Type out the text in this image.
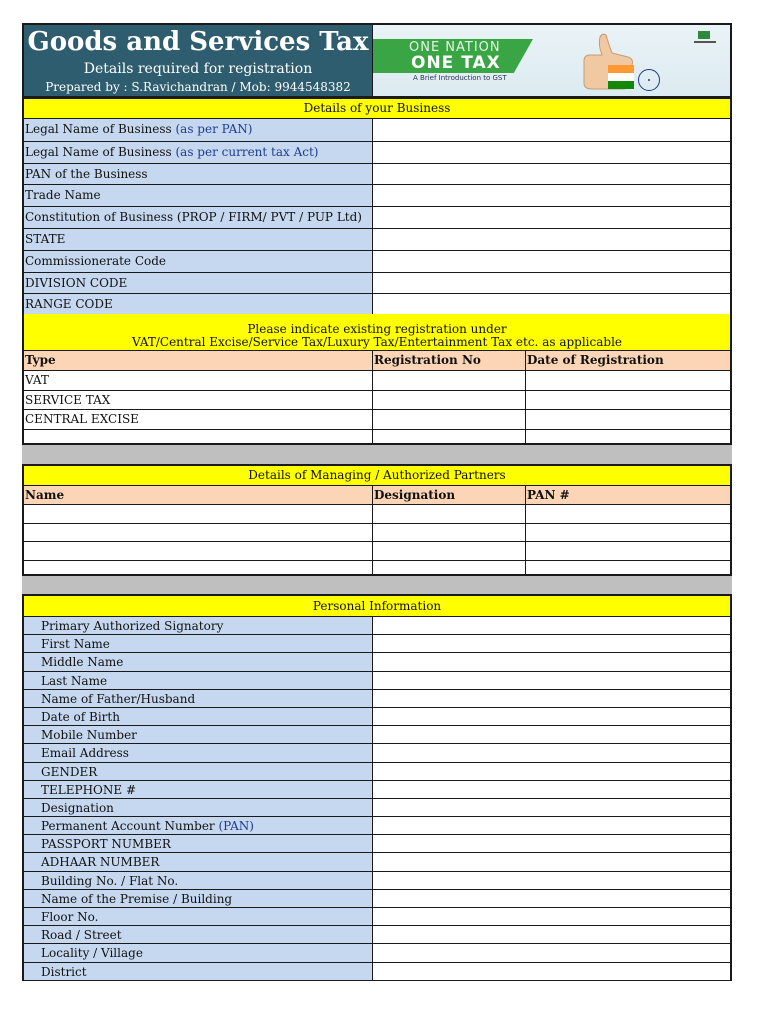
Goods and Services Tax
Details required for registration
Prepared by : S.Ravichandran / Mob: 9944548382
ONE NATION
ONE TAX
A Brief Introduction to GST
Details of your Business
Legal Name of Business (as per PAN)
Legal Name of Business (as per current tax Act)
PAN of the Business
Trade Name
Constitution of Business (PROP / FIRM/ PVT / PUP Ltd)
STATE
Commissionerate Code
DIVISION CODE
RANGE CODE
Please indicate existing registration under
VAT/Central Excise/Service Tax/Luxury Tax/Entertainment Tax etc. as applicable
Type	Registration No	Date of Registration
VAT
SERVICE TAX
CENTRAL EXCISE
Details of Managing / Authorized Partners
Name	Designation	PAN #
Personal Information
Primary Authorized Signatory
First Name
Middle Name
Last Name
Name of Father/Husband
Date of Birth
Mobile Number
Email Address
GENDER
TELEPHONE #
Designation
Permanent Account Number (PAN)
PASSPORT NUMBER
ADHAAR NUMBER
Building No. / Flat No.
Name of the Premise / Building
Floor No.
Road / Street
Locality / Village
District
